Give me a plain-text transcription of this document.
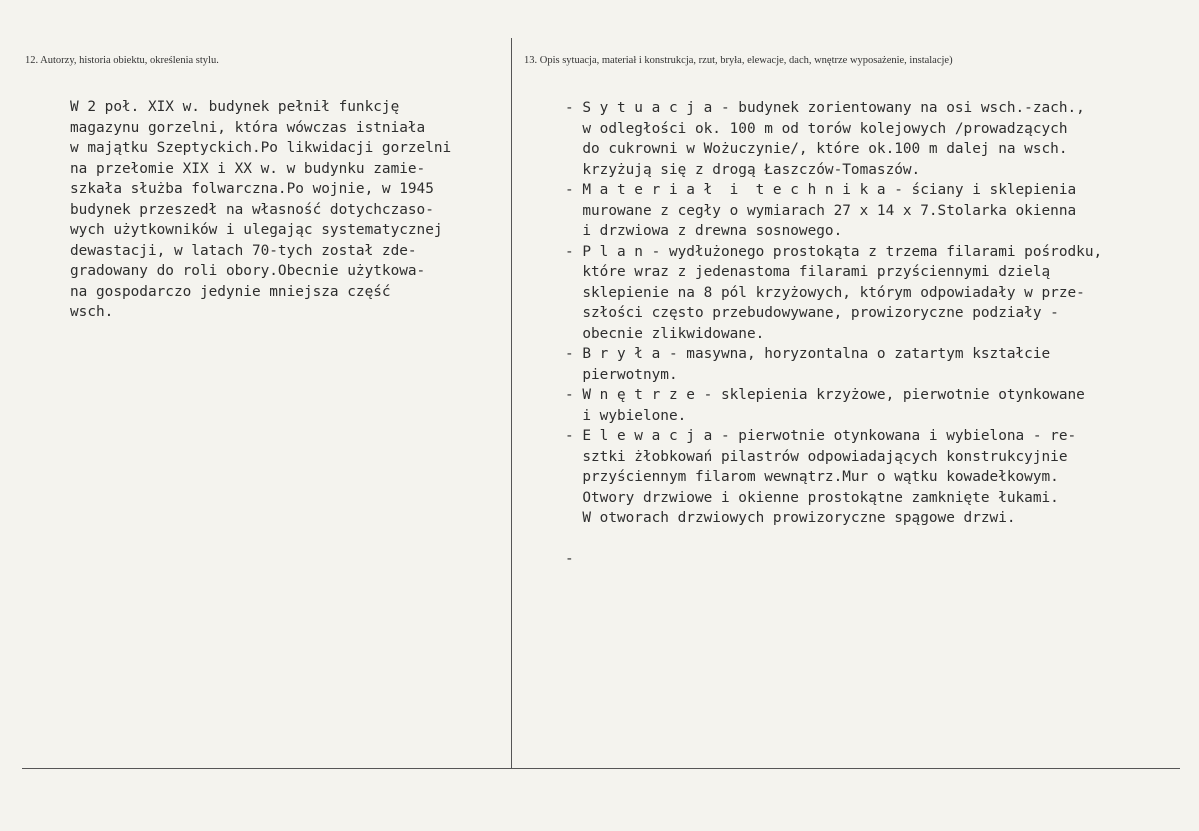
12. Autorzy, historia obiektu, określenia stylu.	13. Opis sytuacja, materiał i konstrukcja, rzut, bryła, elewacje, dach, wnętrze wyposażenie, instalacje)
W 2 poł. XIX w. budynek pełnił funkcję
magazynu gorzelni, która wówczas istniała
w majątku Szeptyckich.Po likwidacji gorzelni
na przełomie XIX i XX w. w budynku zamie-
szkała służba folwarczna.Po wojnie, w 1945
budynek przeszedł na własność dotychczaso-
wych użytkowników i ulegając systematycznej
dewastacji, w latach 70-tych został zde-
gradowany do roli obory.Obecnie użytkowa-
na gospodarczo jedynie mniejsza część
wsch.
- S y t u a c j a - budynek zorientowany na osi wsch.-zach.,
w odległości ok. 100 m od torów kolejowych /prowadzących
do cukrowni w Wożuczynie/, które ok.100 m dalej na wsch.
krzyżują się z drogą Łaszczów-Tomaszów.
- M a t e r i a ł  i  t e c h n i k a - ściany i sklepienia
murowane z cegły o wymiarach 27 x 14 x 7.Stolarka okienna
i drzwiowa z drewna sosnowego.
- P l a n - wydłużonego prostokąta z trzema filarami pośrodku,
które wraz z jedenastoma filarami przyściennymi dzielą
sklepienie na 8 pól krzyżowych, którym odpowiadały w prze-
szłości często przebudowywane, prowizoryczne podziały -
obecnie zlikwidowane.
- B r y ł a - masywna, horyzontalna o zatartym kształcie
pierwotnym.
- W n ę t r z e - sklepienia krzyżowe, pierwotnie otynkowane
i wybielone.
- E l e w a c j a - pierwotnie otynkowana i wybielona - re-
sztki żłobkowań pilastrów odpowiadających konstrukcyjnie
przyściennym filarom wewnątrz.Mur o wątku kowadełkowym.
Otwory drzwiowe i okienne prostokątne zamknięte łukami.
W otworach drzwiowych prowizoryczne spągowe drzwi.
-
